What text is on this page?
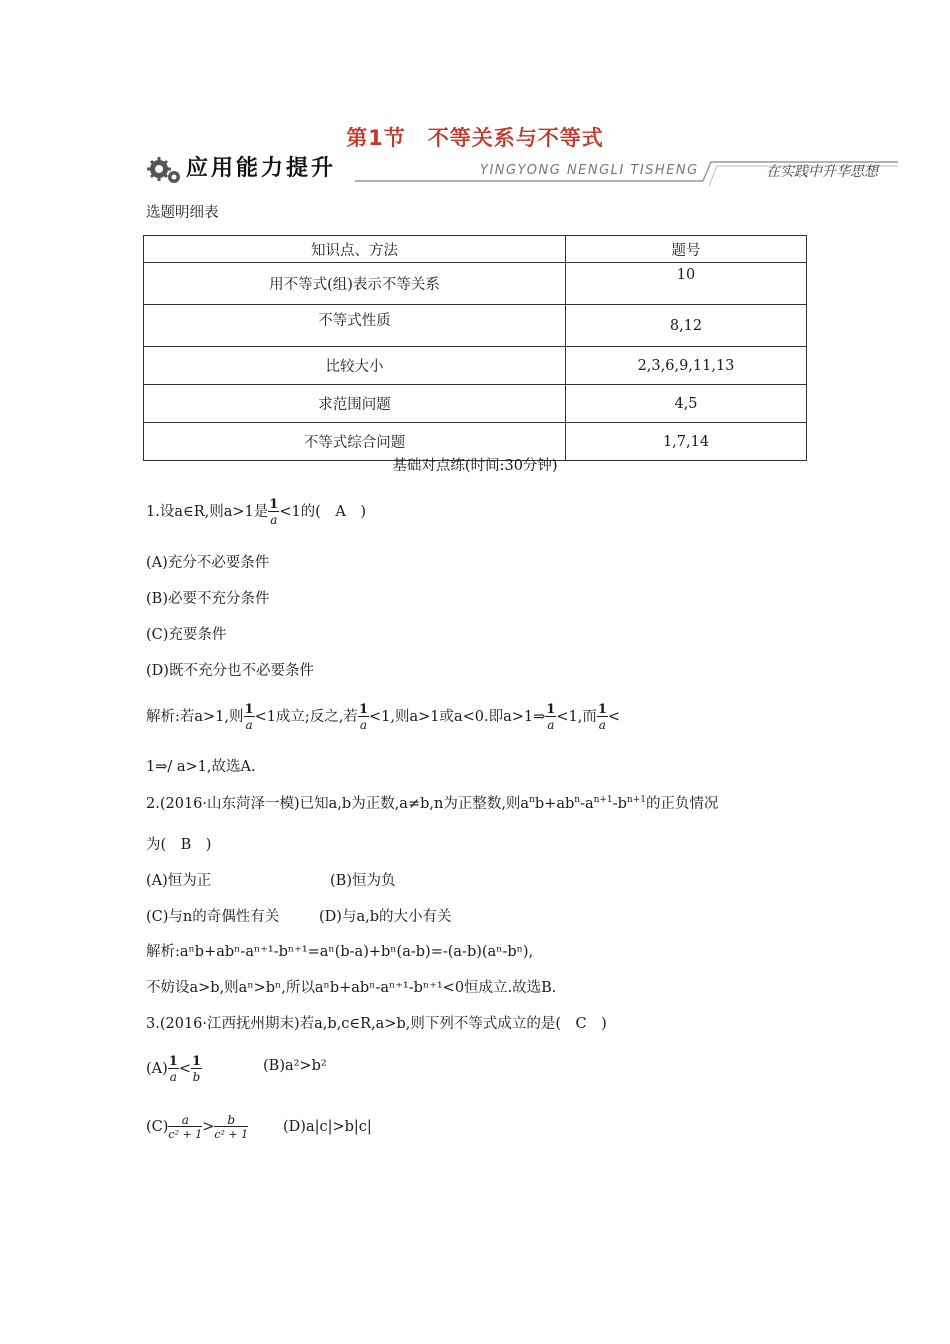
第1节　不等关系与不等式
应用能力提升	YINGYONG NENGLI TISHENG	在实践中升华思想
选题明细表
知识点、方法	题号
用不等式(组)表示不等关系	10
不等式性质	8,12
比较大小	2,3,6,9,11,13
求范围问题	4,5
不等式综合问题	1,7,14
基础对点练(时间:30分钟)
1.设a∈R,则a>1是 $\frac{1}{a} <1$的(　A　)
(A)充分不必要条件
(B)必要不充分条件
(C)充要条件
(D)既不充分也不必要条件
解析:若a>1,则 $\frac{1}{a} <1$成立;反之,若 $\frac{1}{a} <1$,则a>1或a<0.即a>1⇒ $\frac{1}{a} <1$,而 $\frac{1}{a}$ <
1⇒/ a>1,故选A.
2.(2016·山东菏泽一模)已知a,b为正数,a≠b,n为正整数,则$a^nb+ab^n-a^{n+1}-b^{n+1}$的正负情况
为(　B　)
(A)恒为正	(B)恒为负
(C)与n的奇偶性有关	(D)与a,b的大小有关
解析:aⁿb+abⁿ-aⁿ⁺¹-bⁿ⁺¹=aⁿ(b-a)+bⁿ(a-b)=-(a-b)(aⁿ-bⁿ),
不妨设a>b,则aⁿ>bⁿ,所以aⁿb+abⁿ-aⁿ⁺¹-bⁿ⁺¹<0恒成立.故选B.
3.(2016·江西抚州期末)若a,b,c∈R,a>b,则下列不等式成立的是(　C　)
$(A) \frac{1}{a} < \frac{1}{b}$	(B)a²>b²
$(C) \frac{a}{\text{c² + 1}} > \frac{b}{\text{c² + 1}} (D)a|c|>b|c|$
